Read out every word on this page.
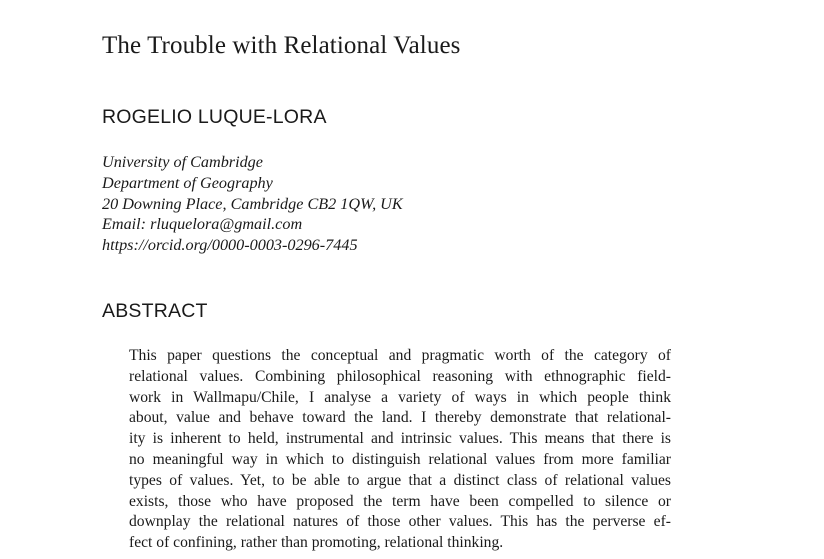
The Trouble with Relational Values
ROGELIO LUQUE-LORA
University of Cambridge
Department of Geography
20 Downing Place, Cambridge CB2 1QW, UK
Email: rluquelora@gmail.com
https://orcid.org/0000-0003-0296-7445
ABSTRACT
This paper questions the conceptual and pragmatic worth of the category of
relational values. Combining philosophical reasoning with ethnographic field-
work in Wallmapu/Chile, I analyse a variety of ways in which people think
about, value and behave toward the land. I thereby demonstrate that relational-
ity is inherent to held, instrumental and intrinsic values. This means that there is
no meaningful way in which to distinguish relational values from more familiar
types of values. Yet, to be able to argue that a distinct class of relational values
exists, those who have proposed the term have been compelled to silence or
downplay the relational natures of those other values. This has the perverse ef-
fect of confining, rather than promoting, relational thinking.
